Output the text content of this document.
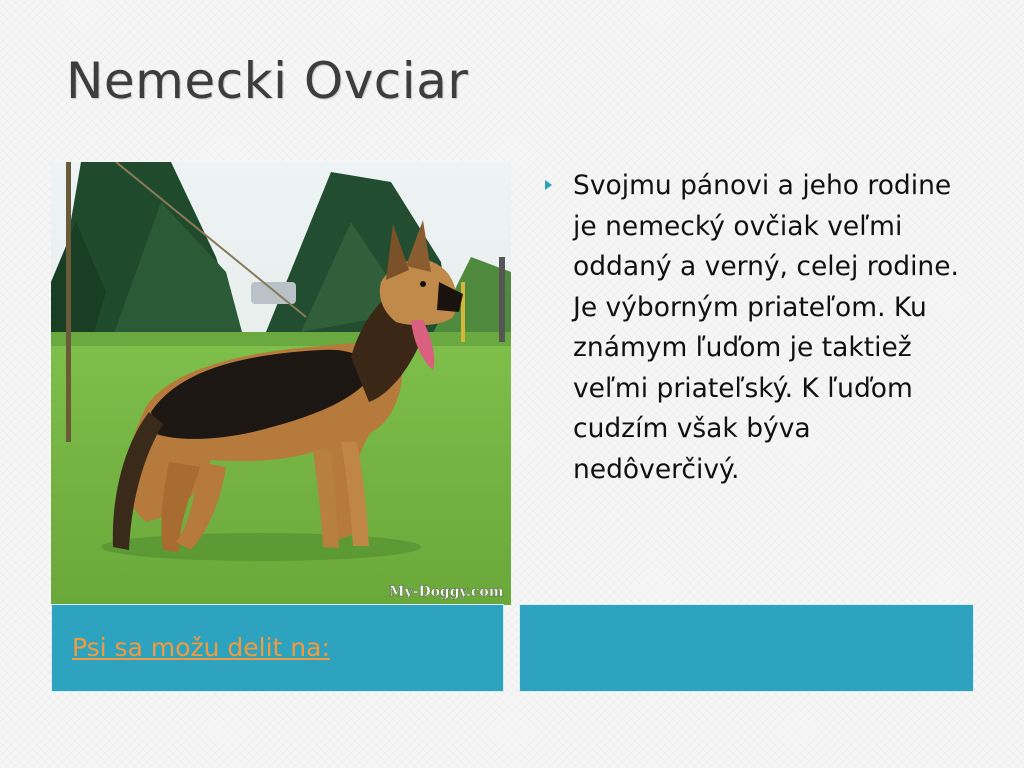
Nemecki Ovciar
My-Doggy.com
Svojmu pánovi a jeho rodine je nemecký ovčiak veľmi oddaný a verný, celej rodine. Je výborným priateľom. Ku známym ľuďom je taktiež veľmi priateľský. K ľuďom cudzím však býva nedôverčivý.
Psi sa možu delit na:
